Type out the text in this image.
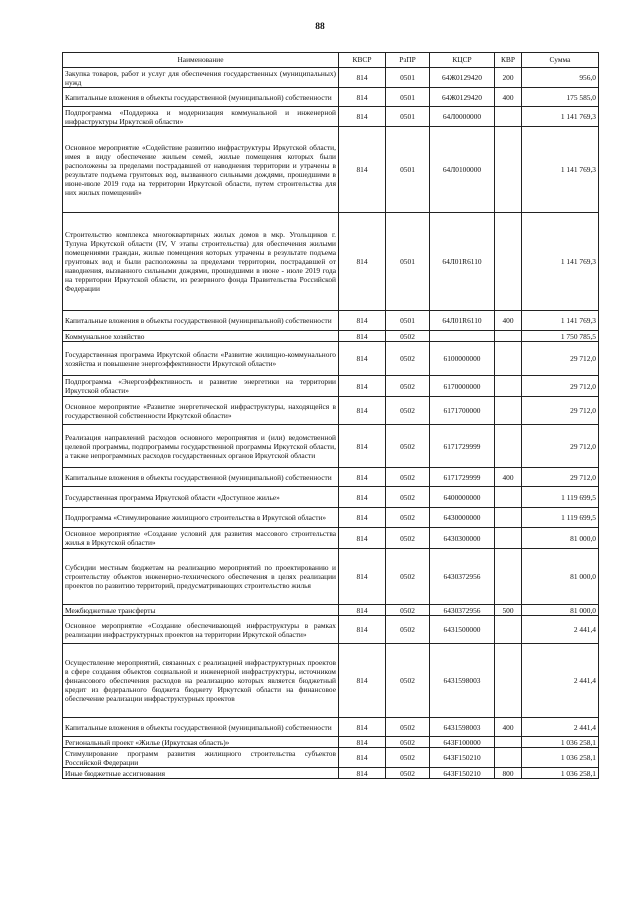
88
Наименование	КВСР	РзПР	КЦСР	КВР	Сумма
Закупка товаров, работ и услуг для обеспечения государственных (муниципальных) нужд	814	0501	64Ж0129420	200	956,0
Капитальные вложения в объекты государственной (муниципальной) собственности	814	0501	64Ж0129420	400	175 585,0
Подпрограмма «Поддержка и модернизация коммунальной и инженерной инфраструктуры Иркутской области»	814	0501	64Л0000000		1 141 769,3
Основное мероприятие «Содействие развитию инфраструктуры Иркутской области, имея в виду обеспечение жильем семей, жилые помещения которых были расположены за пределами пострадавшей от наводнения территории и утрачены в результате подъема грунтовых вод, вызванного сильными дождями, прошедшими в июне-июле 2019 года на территории Иркутской области, путем строительства для них жилых помещений»	814	0501	64Л0100000		1 141 769,3
Строительство комплекса многоквартирных жилых домов в мкр. Угольщиков г. Тулуна Иркутской области (IV, V этапы строительства) для обеспечения жилыми помещениями граждан, жилые помещения которых утрачены в результате подъема грунтовых вод и были расположены за пределами территории, пострадавшей от наводнения, вызванного сильными дождями, прошедшими в июне - июле 2019 года на территории Иркутской области, из резервного фонда Правительства Российской Федерации	814	0501	64Л01R6110		1 141 769,3
Капитальные вложения в объекты государственной (муниципальной) собственности	814	0501	64Л01R6110	400	1 141 769,3
Коммунальное хозяйство	814	0502			1 750 785,5
Государственная программа Иркутской области «Развитие жилищно-коммунального хозяйства и повышение энергоэффективности Иркутской области»	814	0502	6100000000		29 712,0
Подпрограмма «Энергоэффективность и развитие энергетики на территории Иркутской области»	814	0502	6170000000		29 712,0
Основное мероприятие «Развитие энергетической инфраструктуры, находящейся в государственной собственности Иркутской области»	814	0502	6171700000		29 712,0
Реализация направлений расходов основного мероприятия и (или) ведомственной целевой программы, подпрограммы государственной программы Иркутской области, а также непрограммных расходов государственных органов Иркутской области	814	0502	6171729999		29 712,0
Капитальные вложения в объекты государственной (муниципальной) собственности	814	0502	6171729999	400	29 712,0
Государственная программа Иркутской области «Доступное жилье»	814	0502	6400000000		1 119 699,5
Подпрограмма «Стимулирование жилищного строительства в Иркутской области»	814	0502	6430000000		1 119 699,5
Основное мероприятие «Создание условий для развития массового строительства жилья в Иркутской области»	814	0502	6430300000		81 000,0
Субсидии местным бюджетам на реализацию мероприятий по проектированию и строительству объектов инженерно-технического обеспечения в целях реализации проектов по развитию территорий, предусматривающих строительство жилья	814	0502	6430372956		81 000,0
Межбюджетные трансферты	814	0502	6430372956	500	81 000,0
Основное мероприятие «Создание обеспечивающей инфраструктуры в рамках реализации инфраструктурных проектов на территории Иркутской области»	814	0502	6431500000		2 441,4
Осуществление мероприятий, связанных с реализацией инфраструктурных проектов в сфере создания объектов социальной и инженерной инфраструктуры, источником финансового обеспечения расходов на реализацию которых является бюджетный кредит из федерального бюджета бюджету Иркутской области на финансовое обеспечение реализации инфраструктурных проектов	814	0502	6431598003		2 441,4
Капитальные вложения в объекты государственной (муниципальной) собственности	814	0502	6431598003	400	2 441,4
Региональный проект «Жилье (Иркутская область)»	814	0502	643F100000		1 036 258,1
Стимулирование программ развития жилищного строительства субъектов Российской Федерации	814	0502	643F150210		1 036 258,1
Иные бюджетные ассигнования	814	0502	643F150210	800	1 036 258,1
